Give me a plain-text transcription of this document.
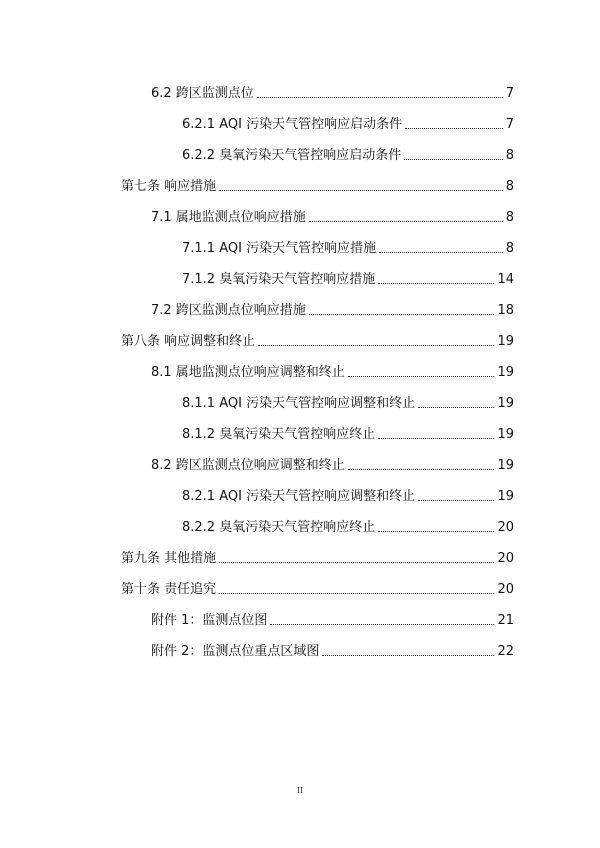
6.2 跨区监测点位	7
6.2.1 AQI 污染天气管控响应启动条件	7
6.2.2 臭氧污染天气管控响应启动条件	8
第七条 响应措施	8
7.1 属地监测点位响应措施	8
7.1.1 AQI 污染天气管控响应措施	8
7.1.2 臭氧污染天气管控响应措施	14
7.2 跨区监测点位响应措施	18
第八条 响应调整和终止	19
8.1 属地监测点位响应调整和终止	19
8.1.1 AQI 污染天气管控响应调整和终止	19
8.1.2 臭氧污染天气管控响应终止	19
8.2 跨区监测点位响应调整和终止	19
8.2.1 AQI 污染天气管控响应调整和终止	19
8.2.2 臭氧污染天气管控响应终止	20
第九条 其他措施	20
第十条 责任追究	20
附件 1：监测点位图	21
附件 2：监测点位重点区域图	22
II
